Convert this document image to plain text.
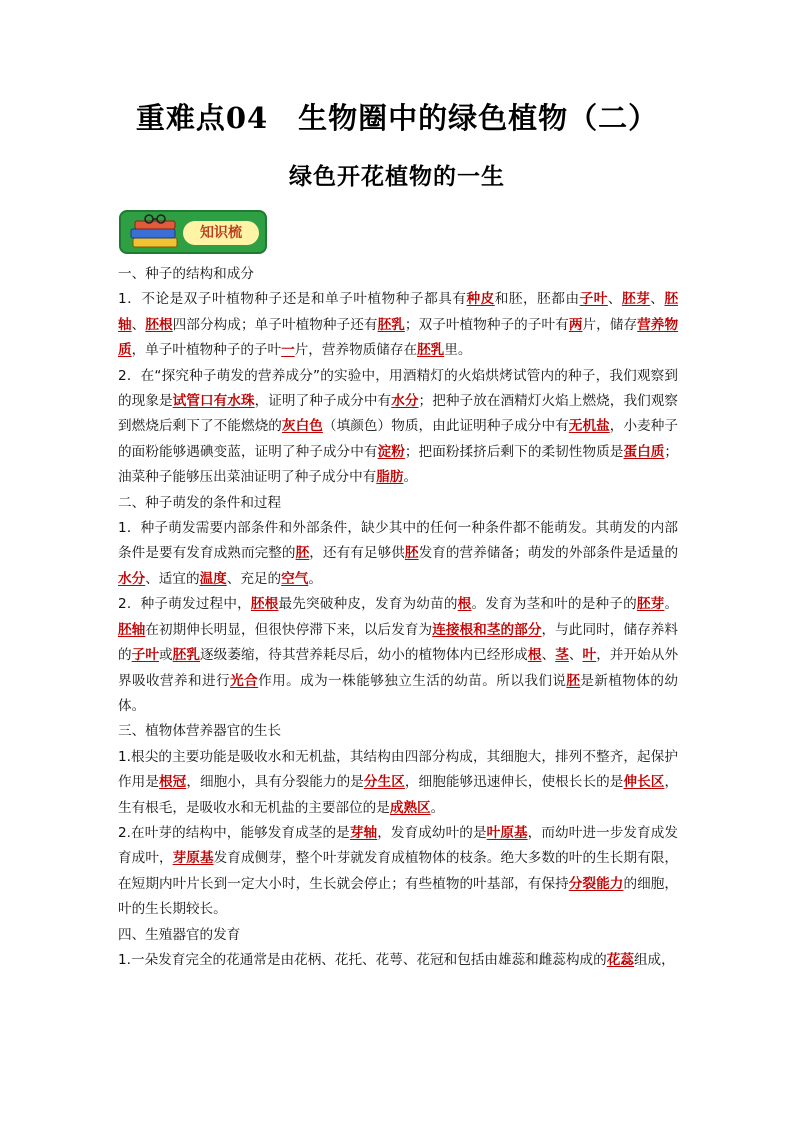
重难点04　生物圈中的绿色植物（二）
绿色开花植物的一生
知识梳

一、种子的结构和成分

1．不论是双子叶植物种子还是和单子叶植物种子都具有种皮和胚，胚都由子叶、胚芽、胚轴、胚根四部分构成；单子叶植物种子还有胚乳；双子叶植物种子的子叶有两片，储存营养物质，单子叶植物种子的子叶一片，营养物质储存在胚乳里。

2．在“探究种子萌发的营养成分”的实验中，用酒精灯的火焰烘烤试管内的种子，我们观察到的现象是试管口有水珠，证明了种子成分中有水分；把种子放在酒精灯火焰上燃烧，我们观察到燃烧后剩下了不能燃烧的灰白色（填颜色）物质，由此证明种子成分中有无机盐，小麦种子的面粉能够遇碘变蓝，证明了种子成分中有淀粉；把面粉揉挤后剩下的柔韧性物质是蛋白质；油菜种子能够压出菜油证明了种子成分中有脂肪。

二、种子萌发的条件和过程

1．种子萌发需要内部条件和外部条件，缺少其中的任何一种条件都不能萌发。其萌发的内部条件是要有发育成熟而完整的胚，还有有足够供胚发育的营养储备；萌发的外部条件是适量的水分、适宜的温度、充足的空气。

2．种子萌发过程中，胚根最先突破种皮，发育为幼苗的根。发育为茎和叶的是种子的胚芽。胚轴在初期伸长明显，但很快停滞下来，以后发育为连接根和茎的部分，与此同时，储存养料的子叶或胚乳逐级萎缩，待其营养耗尽后，幼小的植物体内已经形成根、茎、叶，并开始从外界吸收营养和进行光合作用。成为一株能够独立生活的幼苗。所以我们说胚是新植物体的幼体。

三、植物体营养器官的生长

1.根尖的主要功能是吸收水和无机盐，其结构由四部分构成，其细胞大，排列不整齐，起保护作用是根冠，细胞小，具有分裂能力的是分生区，细胞能够迅速伸长，使根长长的是伸长区，生有根毛，是吸收水和无机盐的主要部位的是成熟区。

2.在叶芽的结构中，能够发育成茎的是芽轴，发育成幼叶的是叶原基，而幼叶进一步发育成发育成叶，芽原基发育成侧芽，整个叶芽就发育成植物体的枝条。绝大多数的叶的生长期有限，在短期内叶片长到一定大小时，生长就会停止；有些植物的叶基部，有保持分裂能力的细胞，叶的生长期较长。

四、生殖器官的发育

1.一朵发育完全的花通常是由花柄、花托、花萼、花冠和包括由雄蕊和雌蕊构成的花蕊组成，
